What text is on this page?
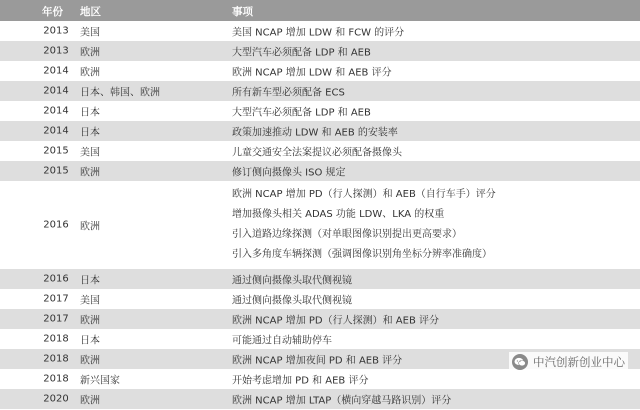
年份 地区	事项
2013	美国	美国 NCAP 增加 LDW 和 FCW 的评分
2013	欧洲	大型汽车必须配备 LDP 和 AEB
2014	欧洲	欧洲 NCAP 增加 LDW 和 AEB 评分
2014	日本、韩国、欧洲	所有新车型必须配备 ECS
2014	日本	大型汽车必须配备 LDP 和 AEB
2014	日本	政策加速推动 LDW 和 AEB 的安装率
2015	美国	儿童交通安全法案提议必须配备摄像头
2015	欧洲	修订侧向摄像头 ISO 规定
2016	欧洲
欧洲 NCAP 增加 PD（行人探测）和 AEB（自行车手）评分
增加摄像头相关 ADAS 功能 LDW、LKA 的权重
引入道路边缘探测（对单眼图像识别提出更高要求）
引入多角度车辆探测（强调图像识别角坐标分辨率准确度）
2016	日本	通过侧向摄像头取代侧视镜
2017	美国	通过侧向摄像头取代侧视镜
2017	欧洲	欧洲 NCAP 增加 PD（行人探测）和 AEB 评分
2018	日本	可能通过自动辅助停车
2018	欧洲	欧洲 NCAP 增加夜间 PD 和 AEB 评分
2018	新兴国家	开始考虑增加 PD 和 AEB 评分
2020	欧洲	欧洲 NCAP 增加 LTAP（横向穿越马路识别）评分
中汽创新创业中心
